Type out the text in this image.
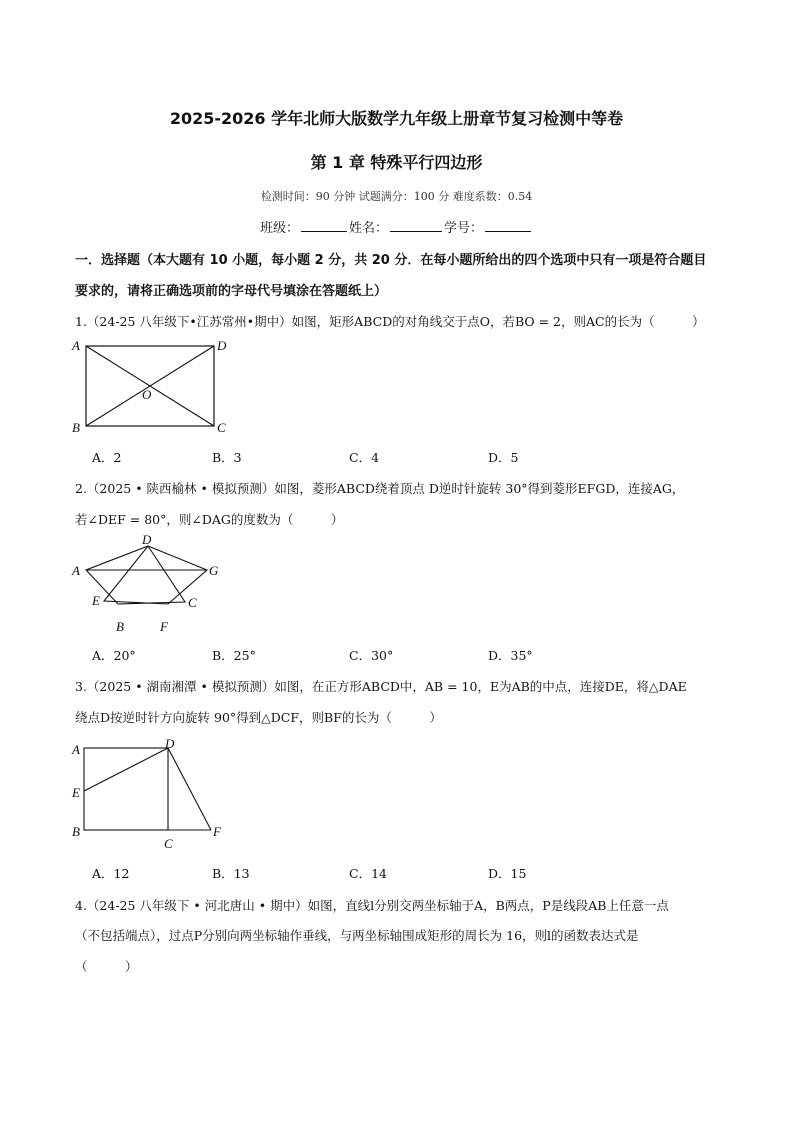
2025-2026 学年北师大版数学九年级上册章节复习检测中等卷
第 1 章 特殊平行四边形
检测时间：90 分钟 试题满分：100 分 难度系数：0.54
班级：	姓名：	学号：
一．选择题（本大题有 10 小题，每小题 2 分，共 20 分．在每小题所给出的四个选项中只有一项是符合题目
要求的，请将正确选项前的字母代号填涂在答题纸上）
1.（24-25 八年级下•江苏常州•期中）如图，矩形ABCD的对角线交于点O，若BO = 2，则AC的长为（　　　）
A	D
O
B	C
A．2	B．3	C．4	D．5
2.（2025 • 陕西榆林 • 模拟预测）如图，菱形ABCD绕着顶点 D逆时针旋转 30°得到菱形EFGD，连接AG，
若∠DEF = 80°，则∠DAG的度数为（　　　）
D
A	G
E	C
B	F
A．20°	B．25°	C．30°	D．35°
3.（2025 • 湖南湘潭 • 模拟预测）如图，在正方形ABCD中，AB = 10，E为AB的中点，连接DE，将△DAE
绕点D按逆时针方向旋转 90°得到△DCF，则BF的长为（　　　）
A	D
E
B
C
F
A．12	B．13	C．14	D．15
4.（24-25 八年级下 • 河北唐山 • 期中）如图，直线l分别交两坐标轴于A，B两点，P是线段AB上任意一点
（不包括端点），过点P分别向两坐标轴作垂线，与两坐标轴围成矩形的周长为 16，则l的函数表达式是
（　　　）
